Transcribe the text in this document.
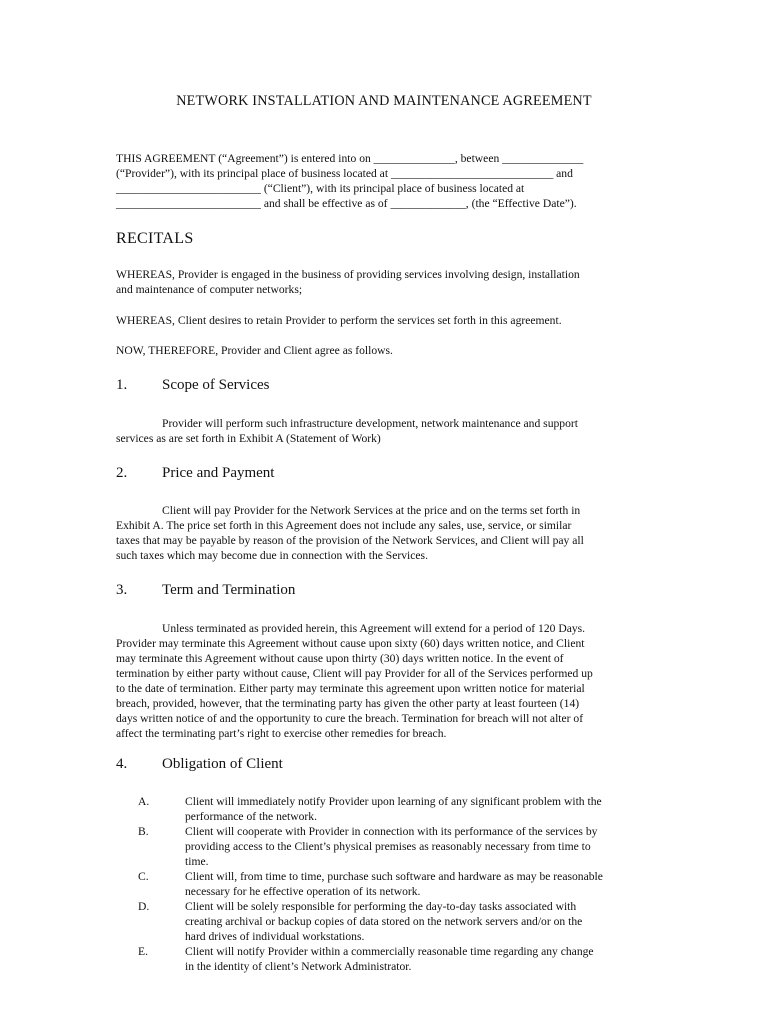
NETWORK INSTALLATION AND MAINTENANCE AGREEMENT
THIS AGREEMENT (“Agreement”) is entered into on ______________, between ______________
(“Provider”), with its principal place of business located at ____________________________ and
_________________________ (“Client”), with its principal place of business located at
_________________________ and shall be effective as of _____________, (the “Effective Date”).
RECITALS
WHEREAS, Provider is engaged in the business of providing services involving design, installation
and maintenance of computer networks;
WHEREAS, Client desires to retain Provider to perform the services set forth in this agreement.
NOW, THEREFORE, Provider and Client agree as follows.
1. Scope of Services
Provider will perform such infrastructure development, network maintenance and support
services as are set forth in Exhibit A (Statement of Work)
2. Price and Payment
Client will pay Provider for the Network Services at the price and on the terms set forth in
Exhibit A. The price set forth in this Agreement does not include any sales, use, service, or similar
taxes that may be payable by reason of the provision of the Network Services, and Client will pay all
such taxes which may become due in connection with the Services.
3. Term and Termination
Unless terminated as provided herein, this Agreement will extend for a period of 120 Days.
Provider may terminate this Agreement without cause upon sixty (60) days written notice, and Client
may terminate this Agreement without cause upon thirty (30) days written notice. In the event of
termination by either party without cause, Client will pay Provider for all of the Services performed up
to the date of termination. Either party may terminate this agreement upon written notice for material
breach, provided, however, that the terminating party has given the other party at least fourteen (14)
days written notice of and the opportunity to cure the breach. Termination for breach will not alter of
affect the terminating part’s right to exercise other remedies for breach.
4. Obligation of Client
A.	Client will immediately notify Provider upon learning of any significant problem with the
performance of the network.
B.	Client will cooperate with Provider in connection with its performance of the services by
providing access to the Client’s physical premises as reasonably necessary from time to
time.
C.	Client will, from time to time, purchase such software and hardware as may be reasonable
necessary for he effective operation of its network.
D.	Client will be solely responsible for performing the day-to-day tasks associated with
creating archival or backup copies of data stored on the network servers and/or on the
hard drives of individual workstations.
E.	Client will notify Provider within a commercially reasonable time regarding any change
in the identity of client’s Network Administrator.
